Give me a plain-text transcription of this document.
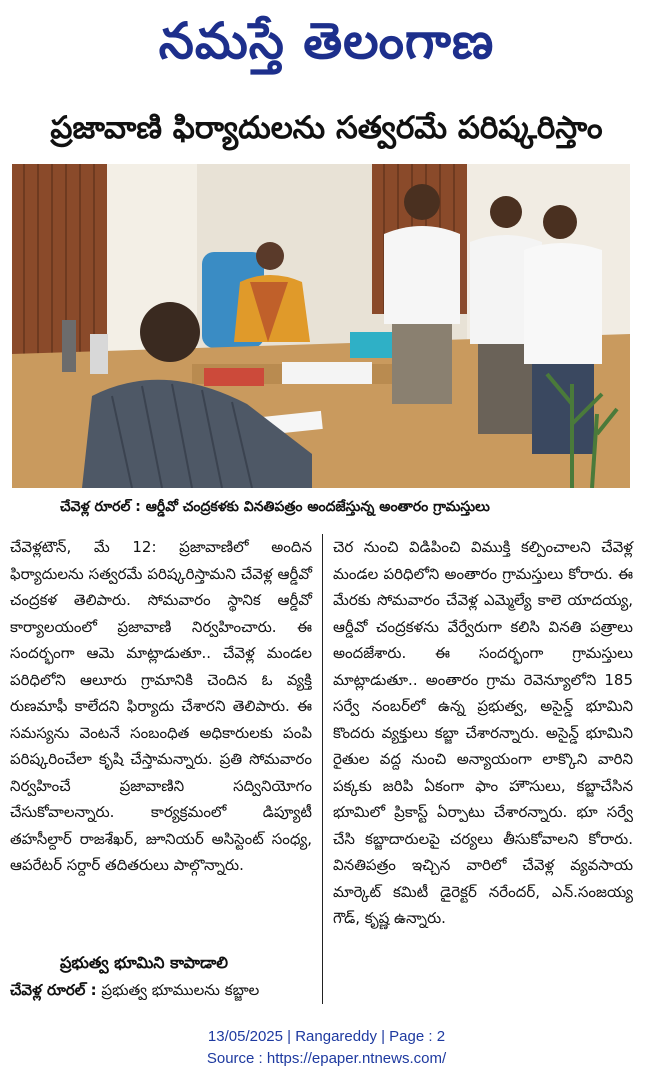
నమస్తే తెలంగాణ
ప్రజావాణి ఫిర్యాదులను సత్వరమే పరిష్కరిస్తాం
చేవెళ్ల రూరల్ : ఆర్డీవో చంద్రకళకు వినతిపత్రం అందజేస్తున్న అంతారం గ్రామస్తులు

చేవెళ్లటౌన్, మే 12: ప్రజావాణిలో అందిన ఫిర్యాదులను సత్వరమే పరిష్కరిస్తామని చేవెళ్ల ఆర్డీవో చంద్రకళ తెలిపారు. సోమవారం స్థానిక ఆర్డీవో కార్యాలయంలో ప్రజావాణి నిర్వహించారు. ఈ సందర్భంగా ఆమె మాట్లాడుతూ.. చేవెళ్ల మండల పరిధిలోని ఆలూరు గ్రామానికి చెందిన ఓ వ్యక్తి రుణమాఫీ కాలేదని ఫిర్యాదు చేశారని తెలిపారు. ఈ సమస్యను వెంటనే సంబంధిత అధికారులకు పంపి పరిష్కరించేలా కృషి చేస్తామన్నారు. ప్రతి సోమవారం నిర్వహించే ప్రజావాణిని సద్వినియోగం చేసుకోవాలన్నారు. కార్యక్రమంలో డిప్యూటీ తహసీల్దార్ రాజశేఖర్, జూనియర్ అసిస్టెంట్ సంధ్య, ఆపరేటర్ సర్దార్ తదితరులు పాల్గొన్నారు.

ప్రభుత్వ భూమిని కాపాడాలి
చేవెళ్ల రూరల్ : ప్రభుత్వ భూములను కబ్జాల

చెర నుంచి విడిపించి విముక్తి కల్పించాలని చేవెళ్ల మండల పరిధిలోని అంతారం గ్రామస్తులు కోరారు. ఈ మేరకు సోమవారం చేవెళ్ల ఎమ్మెల్యే కాలె యాదయ్య, ఆర్డీవో చంద్రకళను వేర్వేరుగా కలిసి వినతి పత్రాలు అందజేశారు. ఈ సందర్భంగా గ్రామస్తులు మాట్లాడుతూ.. అంతారం గ్రామ రెవెన్యూలోని 185 సర్వే నంబర్‌లో ఉన్న ప్రభుత్వ, అసైన్డ్ భూమిని కొందరు వ్యక్తులు కబ్జా చేశారన్నారు. అసైన్డ్ భూమిని రైతుల వద్ద నుంచి అన్యాయంగా లాక్కొని వారిని పక్కకు జరిపి ఏకంగా ఫాం హౌసులు, కబ్జాచేసిన భూమిలో ప్రికాస్ట్ ఏర్పాటు చేశారన్నారు. భూ సర్వే చేసి కబ్జాదారులపై చర్యలు తీసుకోవాలని కోరారు. వినతిపత్రం ఇచ్చిన వారిలో చేవెళ్ల వ్యవసాయ మార్కెట్ కమిటీ డైరెక్టర్ నరేందర్, ఎన్.సంజయ్య గౌడ్, కృష్ణ ఉన్నారు.

13/05/2025 | Rangareddy | Page : 2
Source : https://epaper.ntnews.com/
